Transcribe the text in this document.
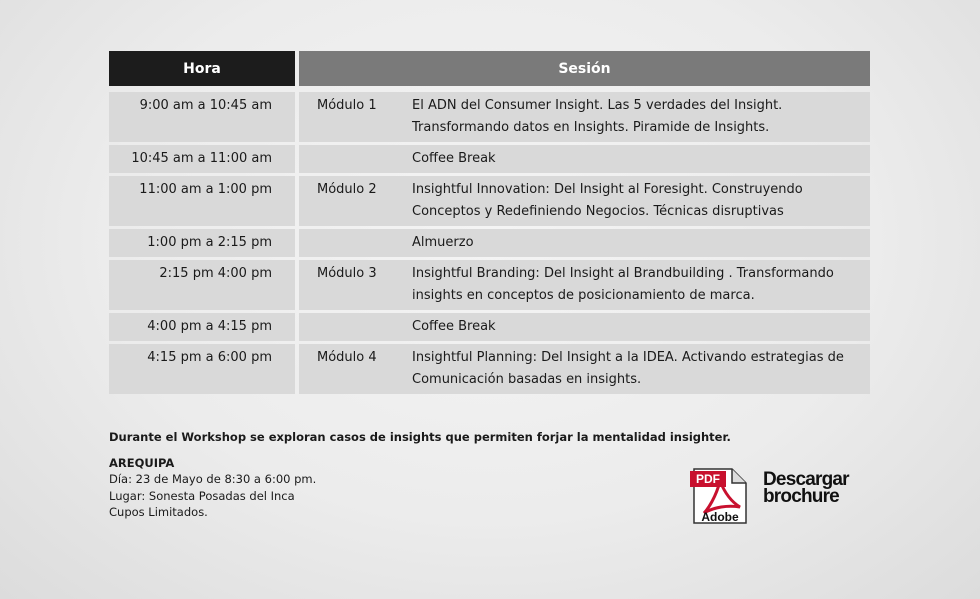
Hora	Sesión
9:00 am a 10:45 am	Módulo 1	El ADN del Consumer Insight. Las 5 verdades del Insight. Transformando datos en Insights. Piramide de Insights.
10:45 am a 11:00 am	Coffee Break
11:00 am a 1:00 pm	Módulo 2	Insightful Innovation: Del Insight al Foresight. Construyendo Conceptos y Redefiniendo Negocios. Técnicas disruptivas
1:00 pm a 2:15 pm	Almuerzo
2:15 pm 4:00 pm	Módulo 3	Insightful Branding: Del Insight al Brandbuilding . Transformando insights en conceptos de posicionamiento de marca.
4:00 pm a 4:15 pm	Coffee Break
4:15 pm a 6:00 pm	Módulo 4	Insightful Planning: Del Insight a la IDEA. Activando estrategias de Comunicación basadas en insights.
Durante el Workshop se exploran casos de insights que permiten forjar la mentalidad insighter.
AREQUIPA
Día: 23 de Mayo de 8:30 a 6:00 pm.
Lugar: Sonesta Posadas del Inca
Cupos Limitados.
PDF
Adobe
Descargar
brochure
